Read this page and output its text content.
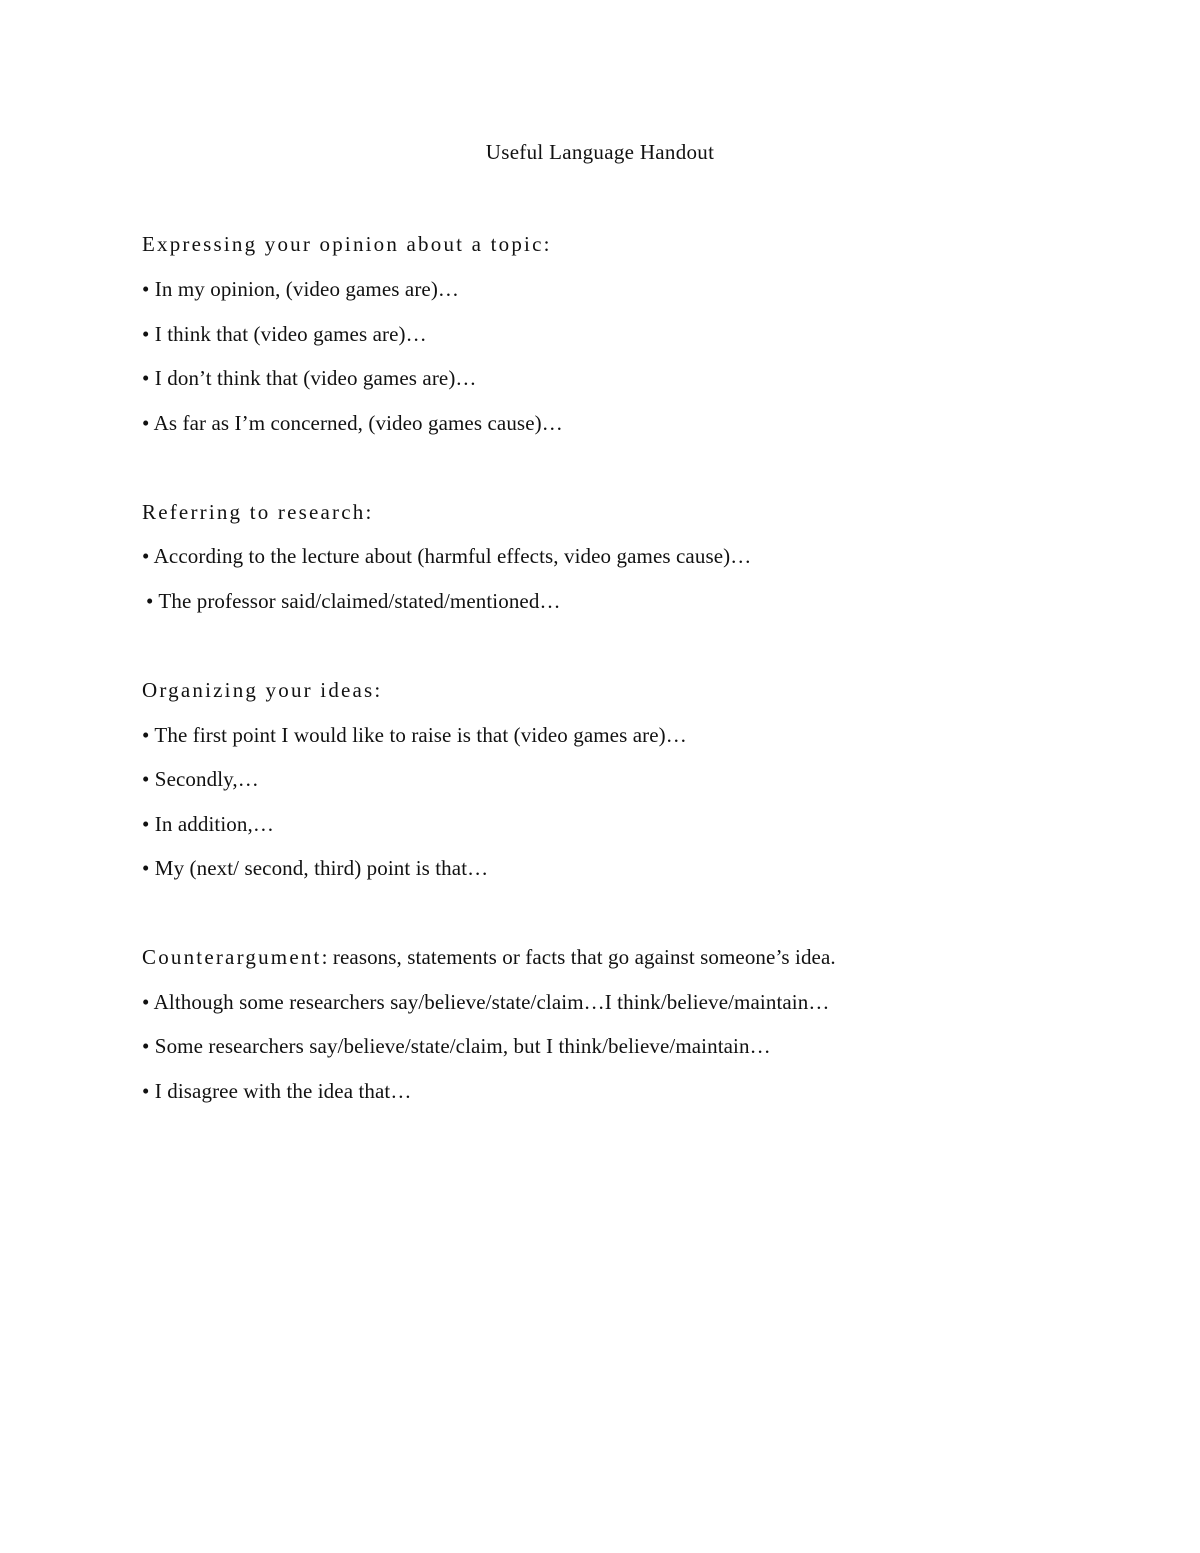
Useful Language Handout
Expressing your opinion about a topic:
• In my opinion, (video games are)…
• I think that (video games are)…
• I don’t think that (video games are)…
• As far as I’m concerned, (video games cause)…
Referring to research:
• According to the lecture about (harmful effects, video games cause)…
• The professor said/claimed/stated/mentioned…
Organizing your ideas:
• The first point I would like to raise is that (video games are)…
• Secondly,…
• In addition,…
• My (next/ second, third) point is that…
Counterargument: reasons, statements or facts that go against someone’s idea.
• Although some researchers say/believe/state/claim…I think/believe/maintain…
• Some researchers say/believe/state/claim, but I think/believe/maintain…
• I disagree with the idea that…
